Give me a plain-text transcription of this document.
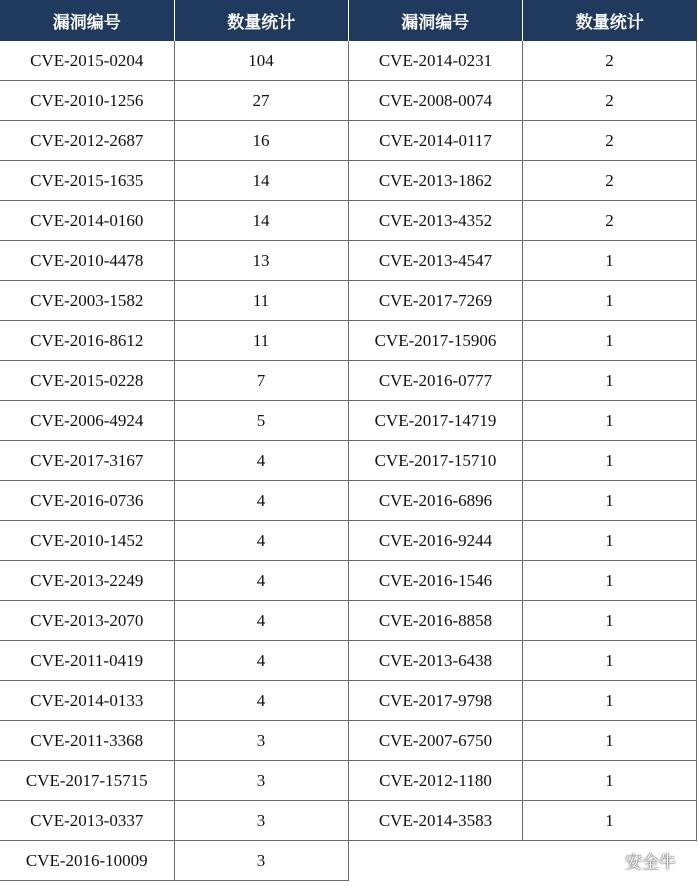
漏洞编号	数量统计
CVE-2015-0204	104
CVE-2010-1256	27
CVE-2012-2687	16
CVE-2015-1635	14
CVE-2014-0160	14
CVE-2010-4478	13
CVE-2003-1582	11
CVE-2016-8612	11
CVE-2015-0228	7
CVE-2006-4924	5
CVE-2017-3167	4
CVE-2016-0736	4
CVE-2010-1452	4
CVE-2013-2249	4
CVE-2013-2070	4
CVE-2011-0419	4
CVE-2014-0133	4
CVE-2011-3368	3
CVE-2017-15715	3
CVE-2013-0337	3
CVE-2016-10009	3
漏洞编号	数量统计
CVE-2014-0231	2
CVE-2008-0074	2
CVE-2014-0117	2
CVE-2013-1862	2
CVE-2013-4352	2
CVE-2013-4547	1
CVE-2017-7269	1
CVE-2017-15906	1
CVE-2016-0777	1
CVE-2017-14719	1
CVE-2017-15710	1
CVE-2016-6896	1
CVE-2016-9244	1
CVE-2016-1546	1
CVE-2016-8858	1
CVE-2013-6438	1
CVE-2017-9798	1
CVE-2007-6750	1
CVE-2012-1180	1
CVE-2014-3583	1
安全牛
